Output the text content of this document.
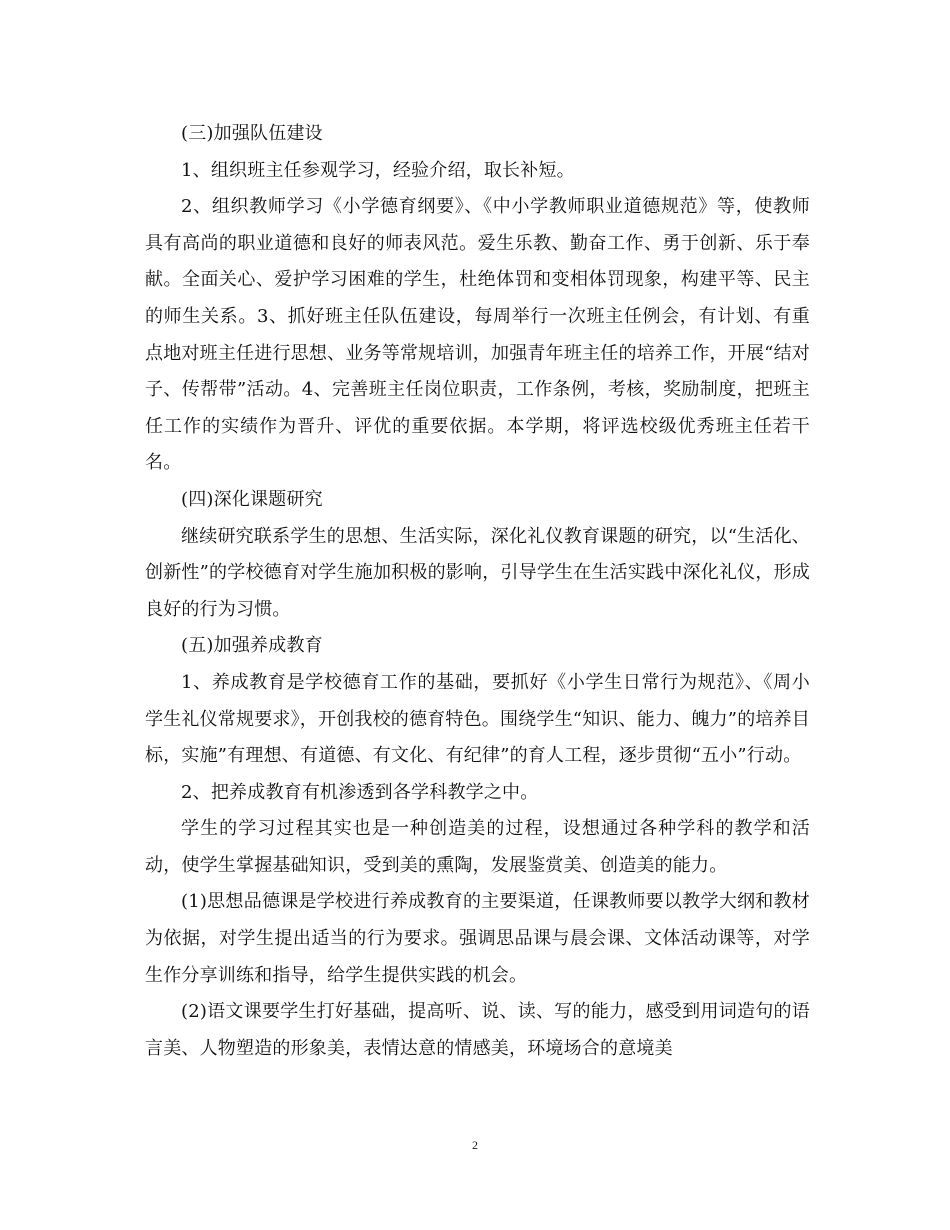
(三)加强队伍建设

1、组织班主任参观学习，经验介绍，取长补短。

2、组织教师学习《小学德育纲要》、《中小学教师职业道德规范》等，使教师具有高尚的职业道德和良好的师表风范。爱生乐教、勤奋工作、勇于创新、乐于奉献。全面关心、爱护学习困难的学生，杜绝体罚和变相体罚现象，构建平等、民主的师生关系。3、抓好班主任队伍建设，每周举行一次班主任例会，有计划、有重点地对班主任进行思想、业务等常规培训，加强青年班主任的培养工作，开展“结对子、传帮带”活动。4、完善班主任岗位职责，工作条例，考核，奖励制度，把班主任工作的实绩作为晋升、评优的重要依据。本学期，将评选校级优秀班主任若干名。

(四)深化课题研究

继续研究联系学生的思想、生活实际，深化礼仪教育课题的研究，以“生活化、创新性”的学校德育对学生施加积极的影响，引导学生在生活实践中深化礼仪，形成良好的行为习惯。

(五)加强养成教育

1、养成教育是学校德育工作的基础，要抓好《小学生日常行为规范》、《周小学生礼仪常规要求》，开创我校的德育特色。围绕学生“知识、能力、魄力”的培养目标，实施”有理想、有道德、有文化、有纪律”的育人工程，逐步贯彻“五小”行动。

2、把养成教育有机渗透到各学科教学之中。

学生的学习过程其实也是一种创造美的过程，设想通过各种学科的教学和活动，使学生掌握基础知识，受到美的熏陶，发展鉴赏美、创造美的能力。

(1)思想品德课是学校进行养成教育的主要渠道，任课教师要以教学大纲和教材为依据，对学生提出适当的行为要求。强调思品课与晨会课、文体活动课等，对学生作分享训练和指导，给学生提供实践的机会。

(2)语文课要学生打好基础，提高听、说、读、写的能力，感受到用词造句的语言美、人物塑造的形象美，表情达意的情感美，环境场合的意境美

2
